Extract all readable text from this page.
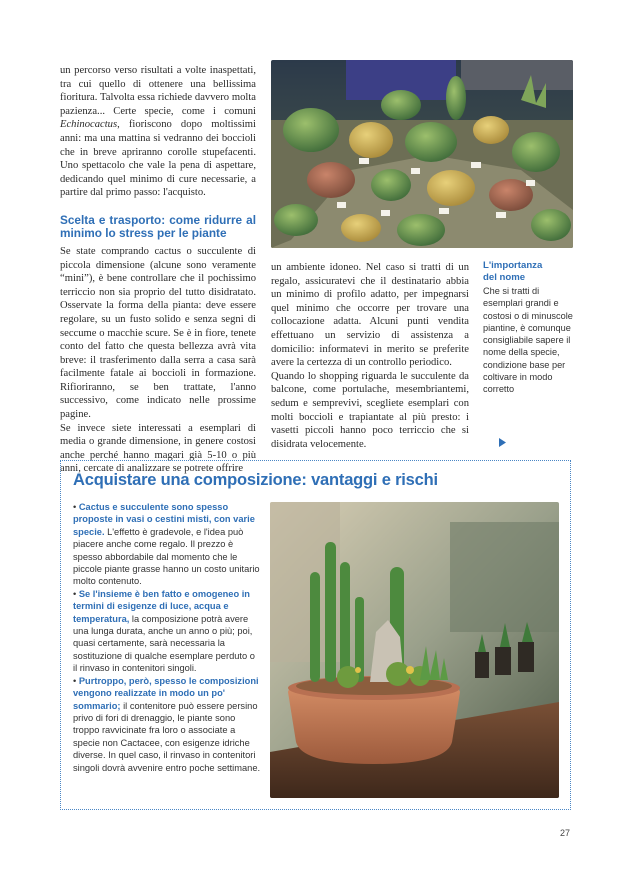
un percorso verso risultati a volte inaspettati, tra cui quello di ottenere una bellissima fioritura. Talvolta essa richiede davvero molta pazienza... Certe specie, come i comuni Echinocactus, fioriscono dopo moltissimi anni: ma una mattina si vedranno dei boccioli che in breve apriranno corolle stupefacenti. Uno spettacolo che vale la pena di aspettare, dedicando quel minimo di cure necessarie, a partire dal primo passo: l'acquisto.

Scelta e trasporto: come ridurre al minimo lo stress per le piante

Se state comprando cactus o succulente di piccola dimensione (alcune sono veramente “mini”), è bene controllare che il pochissimo terriccio non sia proprio del tutto disidratato. Osservate la forma della pianta: deve essere regolare, su un fusto solido e senza segni di seccume o macchie scure. Se è in fiore, tenete conto del fatto che questa bellezza avrà vita breve: il trasferimento dalla serra a casa sarà facilmente fatale ai boccioli in formazione. Rifioriranno, se ben trattate, l'anno successivo, come indicato nelle prossime pagine.

Se invece siete interessati a esemplari di media o grande dimensione, in genere costosi anche perché hanno magari già 5-10 o più anni, cercate di analizzare se potrete offrire

un ambiente idoneo. Nel caso si tratti di un regalo, assicuratevi che il destinatario abbia un minimo di profilo adatto, per impegnarsi quel minimo che occorre per trovare una collocazione adatta. Alcuni punti vendita effettuano un servizio di assistenza a domicilio: informatevi in merito se preferite avere la certezza di un controllo periodico.

Quando lo shopping riguarda le succulente da balcone, come portulache, mesembriantemi, sedum e semprevivi, scegliete esemplari con molti boccioli e trapiantate al più presto: i vasetti piccoli hanno poco terriccio che si disidrata velocemente.

L'importanza
del nome
Che si tratti di esemplari grandi e costosi o di minuscole piantine, è comunque consigliabile sapere il nome della specie, condizione base per coltivare in modo corretto
Acquistare una composizione: vantaggi e rischi

• Cactus e succulente sono spesso proposte in vasi o cestini misti, con varie specie. L'effetto è gradevole, e l'idea può piacere anche come regalo. Il prezzo è spesso abbordabile dal momento che le piccole piante grasse hanno un costo unitario molto contenuto.

• Se l'insieme è ben fatto e omogeneo in termini di esigenze di luce, acqua e temperatura, la composizione potrà avere una lunga durata, anche un anno o più; poi, quasi certamente, sarà necessaria la sostituzione di qualche esemplare perduto o il rinvaso in contenitori singoli.

• Purtroppo, però, spesso le composizioni vengono realizzate in modo un po' sommario; il contenitore può essere persino privo di fori di drenaggio, le piante sono troppo ravvicinate fra loro o associate a specie non Cactacee, con esigenze idriche diverse. In quel caso, il rinvaso in contenitori singoli dovrà avvenire entro poche settimane.

27
